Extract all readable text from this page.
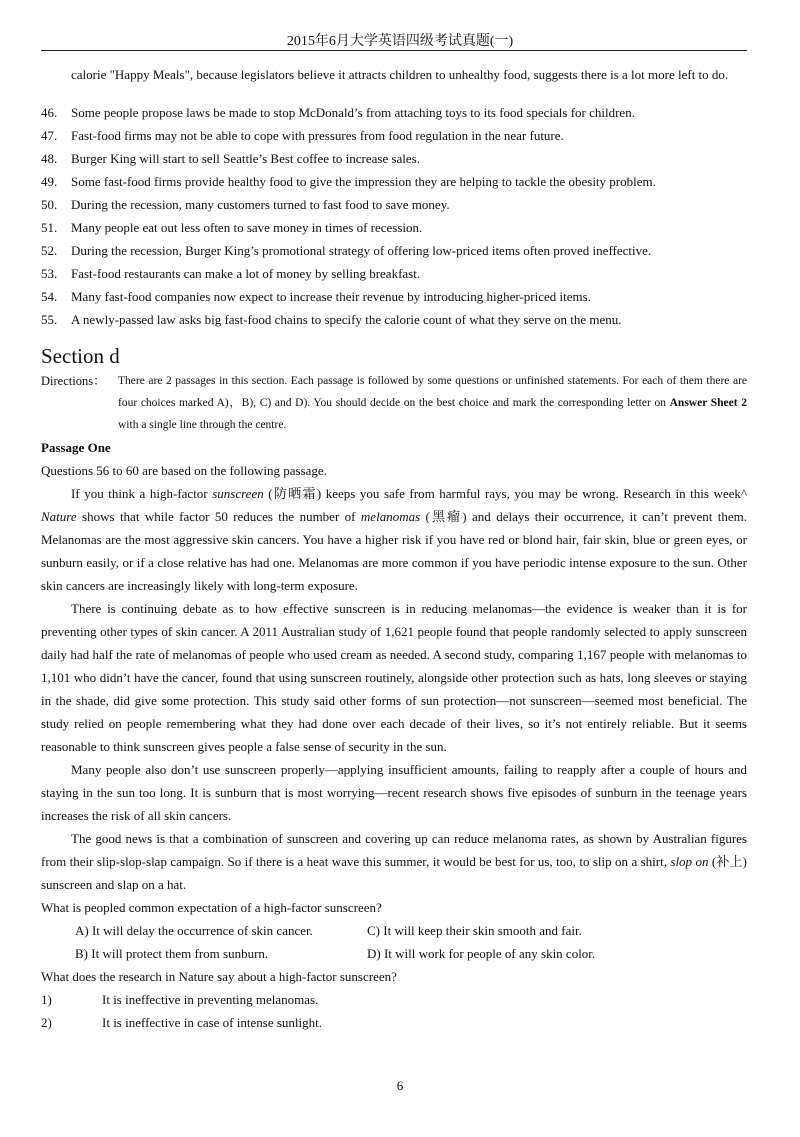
2015年6月大学英语四级考试真题(一)

calorie "Happy Meals", because legislators believe it attracts children to unhealthy food, suggests there is a lot more left to do.

46.	Some people propose laws be made to stop McDonald’s from attaching toys to its food specials for children.
47.	Fast-food firms may not be able to cope with pressures from food regulation in the near future.
48.	Burger King will start to sell Seattle’s Best coffee to increase sales.
49.	Some fast-food firms provide healthy food to give the impression they are helping to tackle the obesity problem.
50.	During the recession, many customers turned to fast food to save money.
51.	Many people eat out less often to save money in times of recession.
52.	During the recession, Burger King’s promotional strategy of offering low-priced items often proved ineffective.
53.	Fast-food restaurants can make a lot of money by selling breakfast.
54.	Many fast-food companies now expect to increase their revenue by introducing higher-priced items.
55.	A newly-passed law asks big fast-food chains to specify the calorie count of what they serve on the menu.
Section d
Directions：	There are 2 passages in this section. Each passage is followed by some questions or unfinished statements. For each of them there are four choices marked A)，B), C) and D). You should decide on the best choice and mark the corresponding letter on Answer Sheet 2 with a single line through the centre.
Passage One
Questions 56 to 60 are based on the following passage.

If you think a high-factor sunscreen (防晒霜) keeps you safe from harmful rays, you may be wrong. Research in this week^ Nature shows that while factor 50 reduces the number of melanomas (黑瘤) and delays their occurrence, it can’t prevent them. Melanomas are the most aggressive skin cancers. You have a higher risk if you have red or blond hair, fair skin, blue or green eyes, or sunburn easily, or if a close relative has had one. Melanomas are more common if you have periodic intense exposure to the sun. Other skin cancers are increasingly likely with long-term exposure.

There is continuing debate as to how effective sunscreen is in reducing melanomas—the evidence is weaker than it is for preventing other types of skin cancer. A 2011 Australian study of 1,621 people found that people randomly selected to apply sunscreen daily had half the rate of melanomas of people who used cream as needed. A second study, comparing 1,167 people with melanomas to 1,101 who didn’t have the cancer, found that using sunscreen routinely, alongside other protection such as hats, long sleeves or staying in the shade, did give some protection. This study said other forms of sun protection—not sunscreen—seemed most beneficial. The study relied on people remembering what they had done over each decade of their lives, so it’s not entirely reliable. But it seems reasonable to think sunscreen gives people a false sense of security in the sun.

Many people also don’t use sunscreen properly—applying insufficient amounts, failing to reapply after a couple of hours and staying in the sun too long. It is sunburn that is most worrying—recent research shows five episodes of sunburn in the teenage years increases the risk of all skin cancers.

The good news is that a combination of sunscreen and covering up can reduce melanoma rates, as shown by Australian figures from their slip-slop-slap campaign. So if there is a heat wave this summer, it would be best for us, too, to slip on a shirt, slop on (补上) sunscreen and slap on a hat.

What is peopled common expectation of a high-factor sunscreen?
A) It will delay the occurrence of skin cancer.	C) It will keep their skin smooth and fair.
B) It will protect them from sunburn.	D) It will work for people of any skin color.
What does the research in Nature say about a high-factor sunscreen?
1)	It is ineffective in preventing melanomas.
2)	It is ineffective in case of intense sunlight.
6
